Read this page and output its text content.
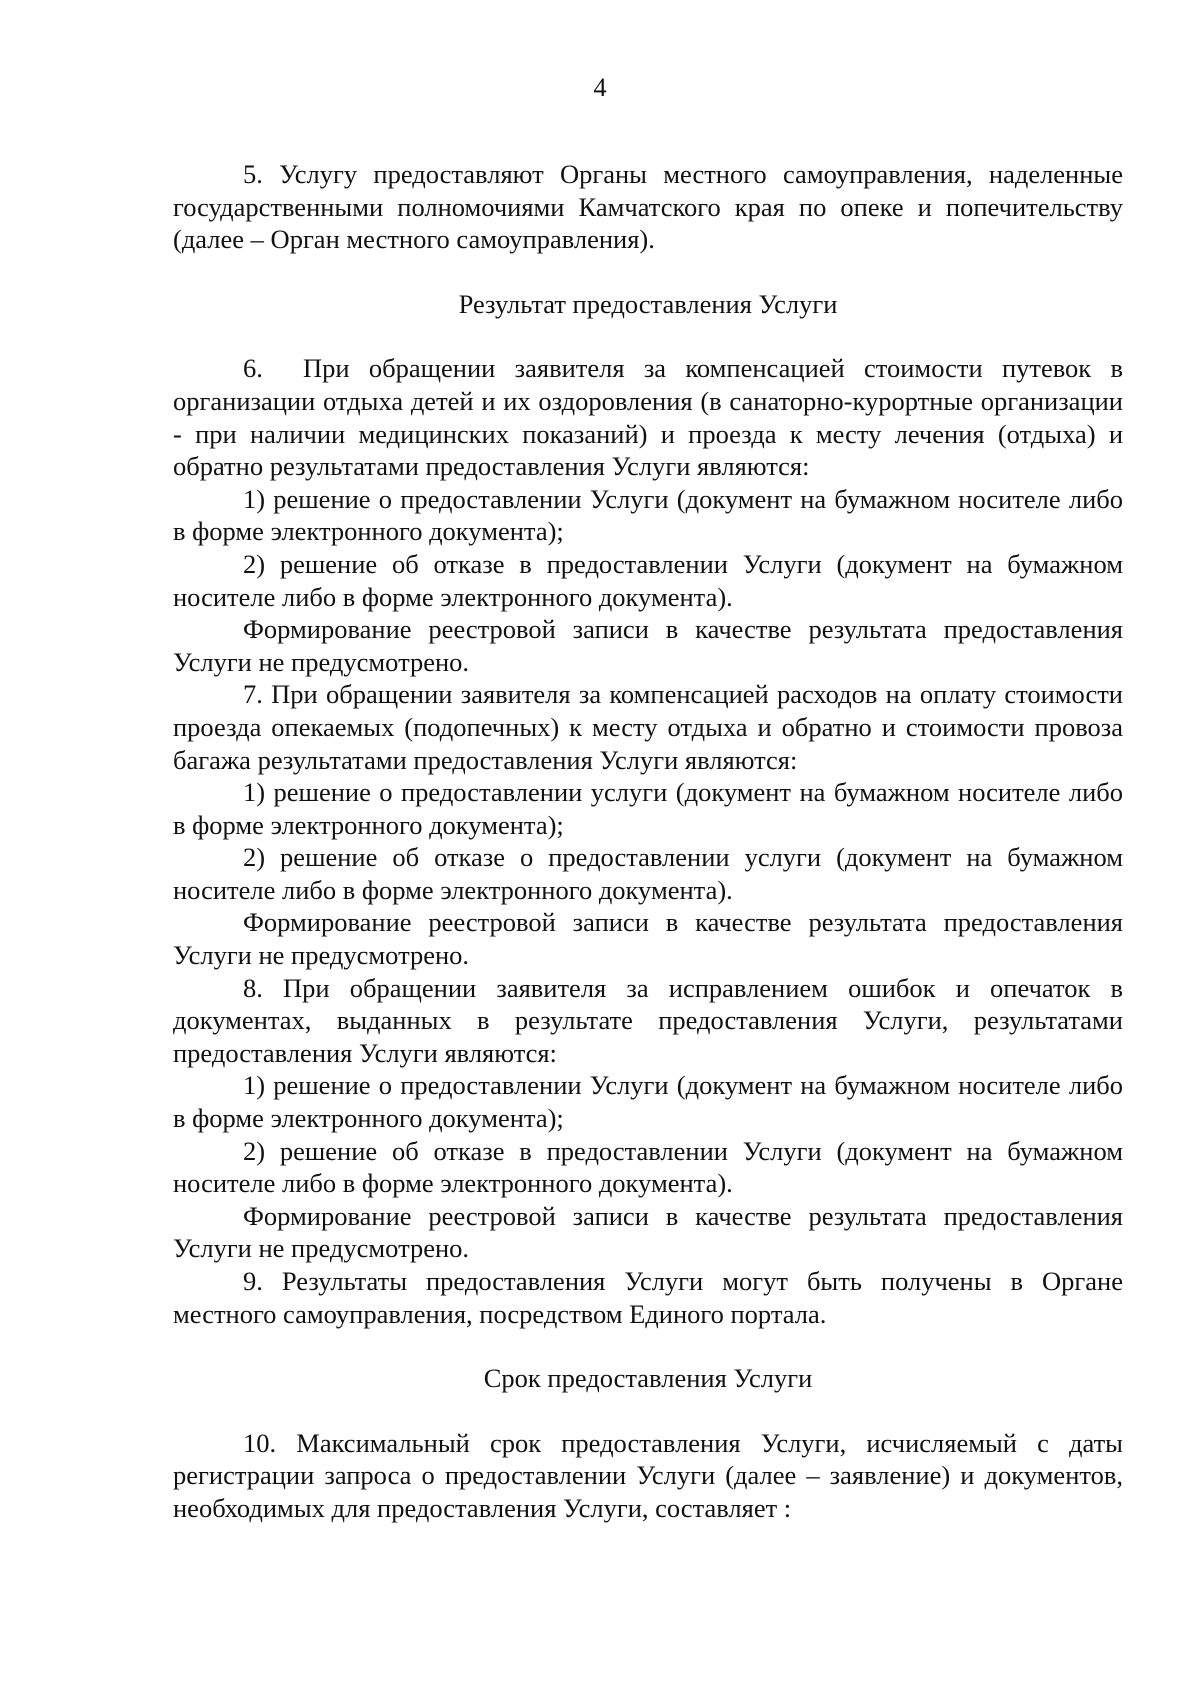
4

5. Услугу предоставляют Органы местного самоуправления, наделенные государственными полномочиями Камчатского края по опеке и попечительству (далее – Орган местного самоуправления).

Результат предоставления Услуги

6. При обращении заявителя за компенсацией стоимости путевок в организации отдыха детей и их оздоровления (в санаторно-курортные организации - при наличии медицинских показаний) и проезда к месту лечения (отдыха) и обратно результатами предоставления Услуги являются:

1) решение о предоставлении Услуги (документ на бумажном носителе либо в форме электронного документа);

2) решение об отказе в предоставлении Услуги (документ на бумажном носителе либо в форме электронного документа).

Формирование реестровой записи в качестве результата предоставления Услуги не предусмотрено.

7. При обращении заявителя за компенсацией расходов на оплату стоимости проезда опекаемых (подопечных) к месту отдыха и обратно и стоимости провоза багажа результатами предоставления Услуги являются:

1) решение о предоставлении услуги (документ на бумажном носителе либо в форме электронного документа);

2) решение об отказе о предоставлении услуги (документ на бумажном носителе либо в форме электронного документа).

Формирование реестровой записи в качестве результата предоставления Услуги не предусмотрено.

8. При обращении заявителя за исправлением ошибок и опечаток в документах, выданных в результате предоставления Услуги, результатами предоставления Услуги являются:

1) решение о предоставлении Услуги (документ на бумажном носителе либо в форме электронного документа);

2) решение об отказе в предоставлении Услуги (документ на бумажном носителе либо в форме электронного документа).

Формирование реестровой записи в качестве результата предоставления Услуги не предусмотрено.

9. Результаты предоставления Услуги могут быть получены в Органе местного самоуправления, посредством Единого портала.

Срок предоставления Услуги

10. Максимальный срок предоставления Услуги, исчисляемый с даты регистрации запроса о предоставлении Услуги (далее – заявление) и документов, необходимых для предоставления Услуги, составляет :
